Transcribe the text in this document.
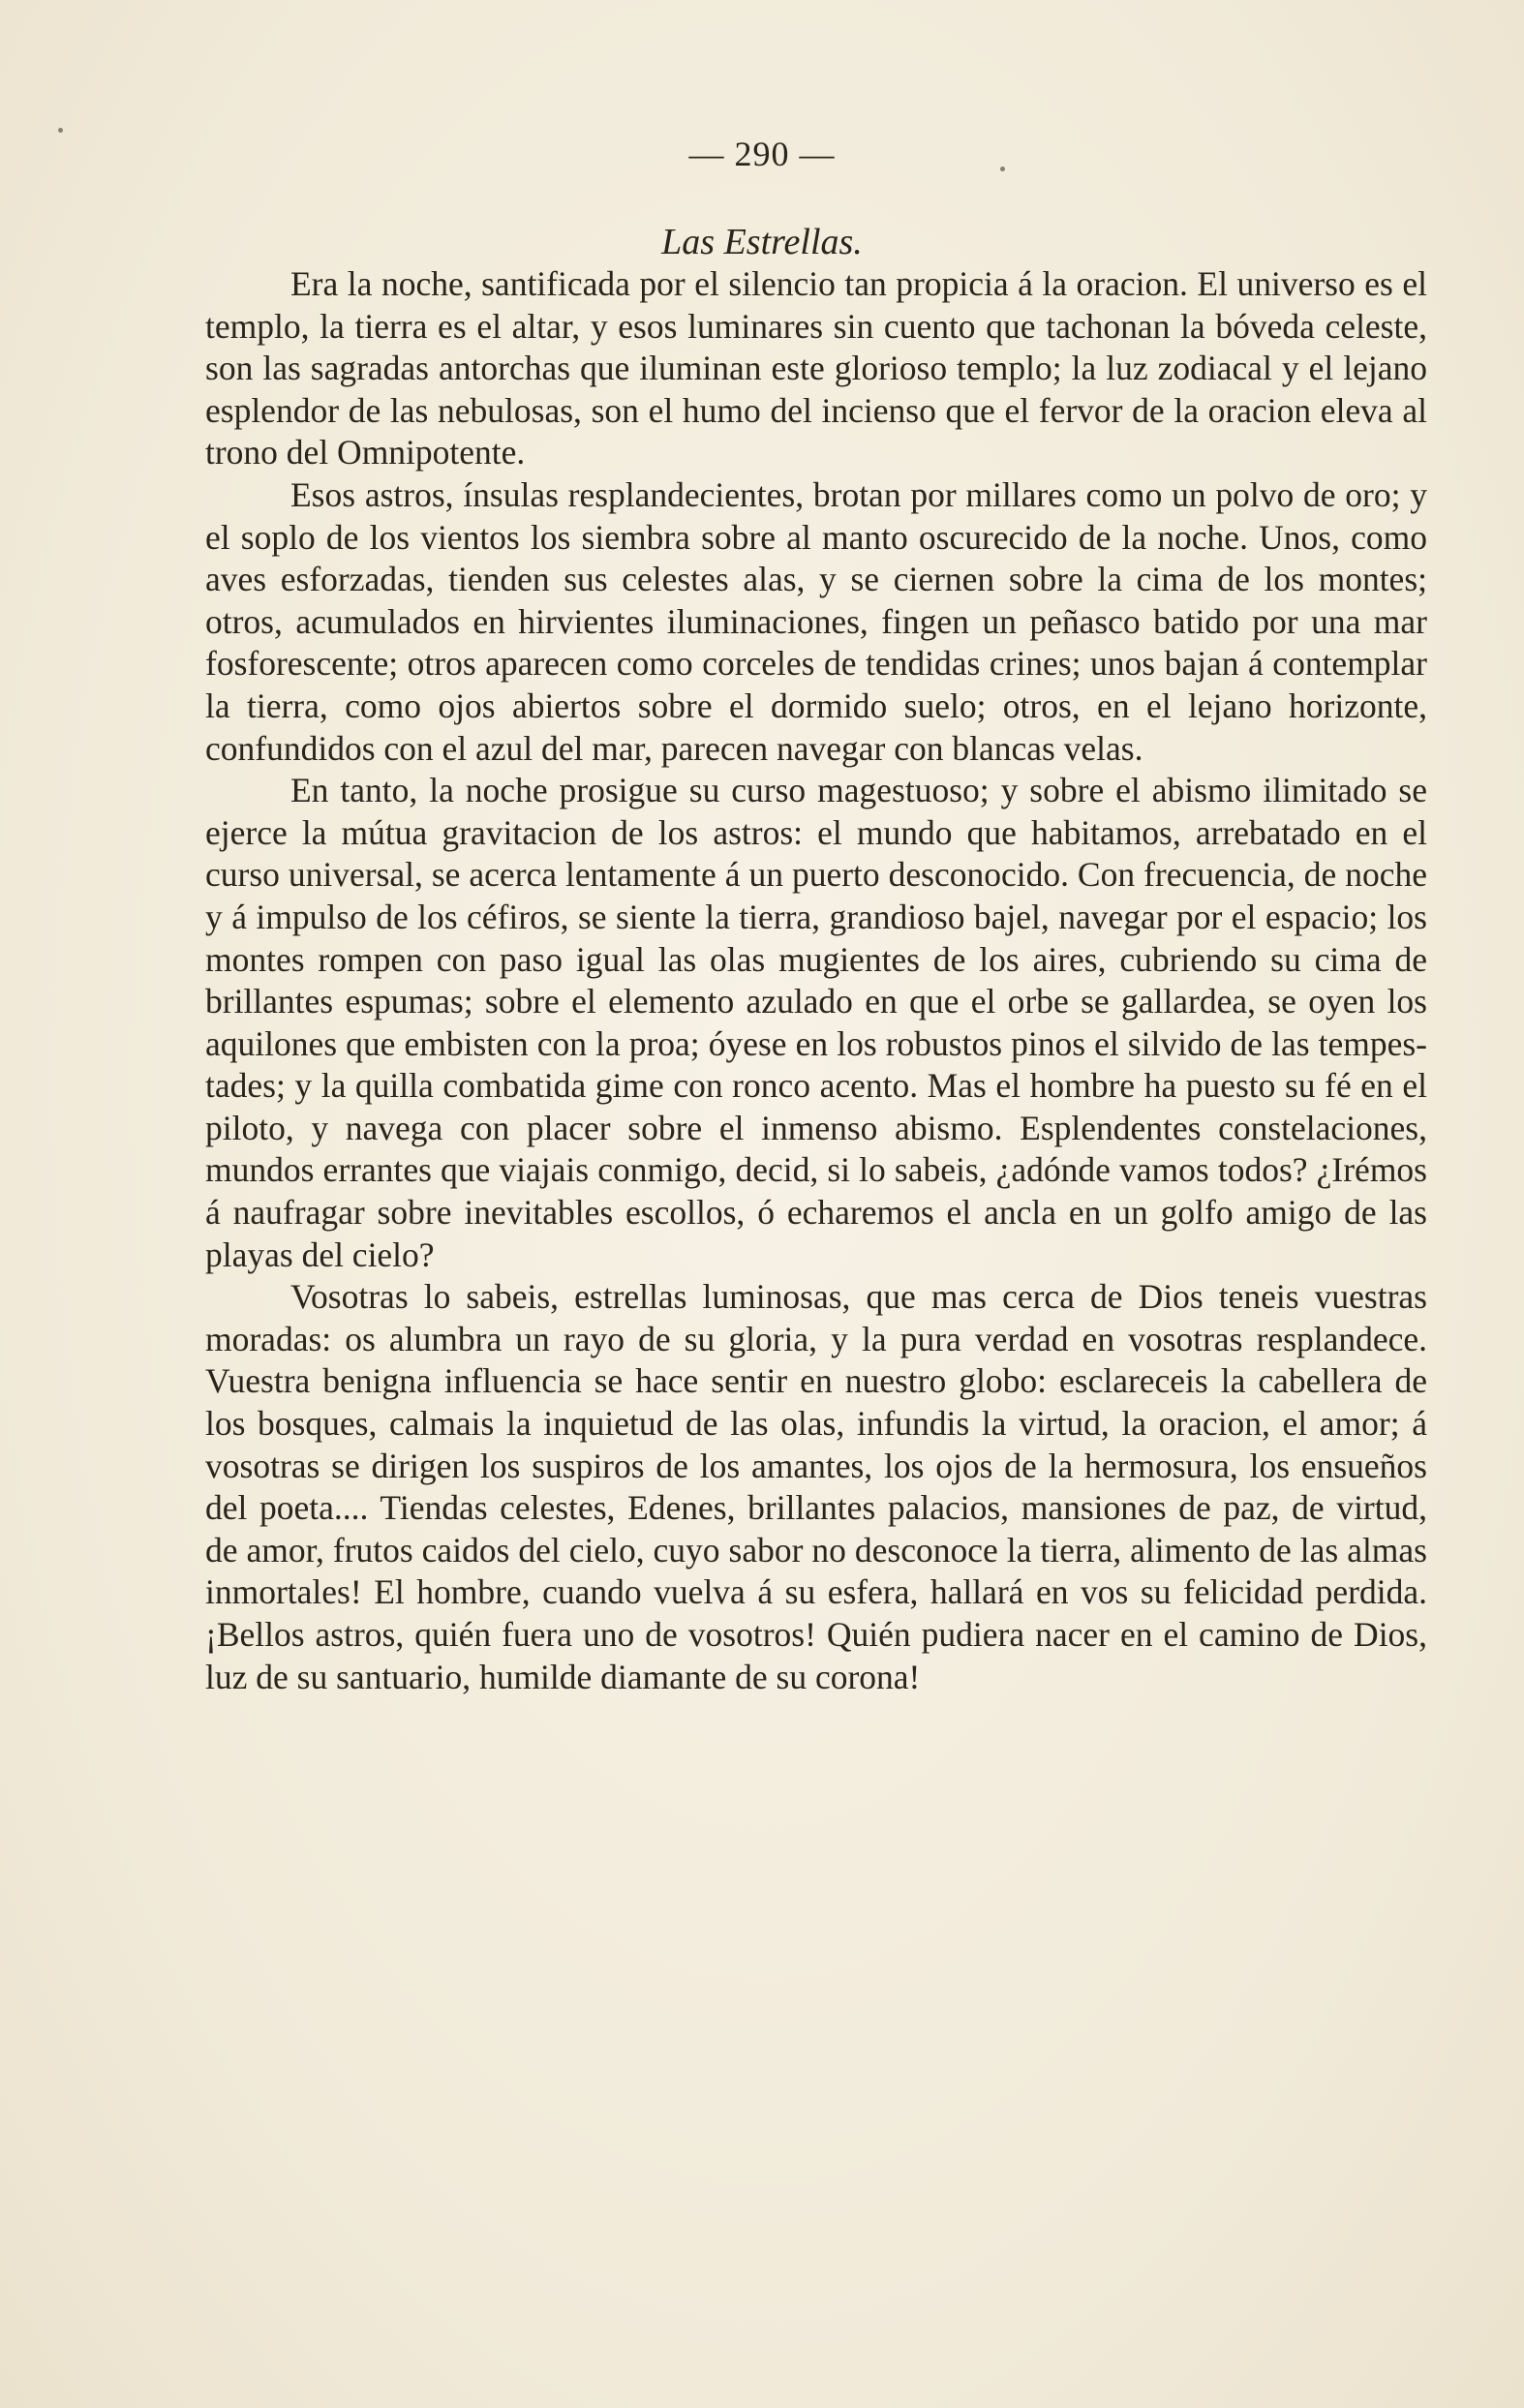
— 290 —
Las Estrellas.

Era la noche, santificada por el silencio tan propicia á la oracion. El universo es el templo, la tierra es el altar, y esos luminares sin cuento que tachonan la bóveda celeste, son las sagradas antorchas que iluminan este glorioso templo; la luz zodiacal y el lejano esplendor de las nebulosas, son el humo del incienso que el fervor de la oracion eleva al trono del Omnipotente.

Esos astros, ínsulas resplandecientes, brotan por millares como un polvo de oro; y el soplo de los vientos los siembra sobre al manto oscurecido de la noche. Unos, como aves esforzadas, tienden sus celestes alas, y se ciernen sobre la cima de los montes; otros, acumulados en hirvientes iluminaciones, fingen un peñasco batido por una mar fosforescente; otros aparecen como corceles de tendidas crines; unos bajan á contemplar la tierra, como ojos abiertos sobre el dormido suelo; otros, en el lejano horizonte, confundidos con el azul del mar, parecen navegar con blancas velas.

En tanto, la noche prosigue su curso magestuoso; y sobre el abismo ilimitado se ejerce la mútua gravitacion de los astros: el mundo que habitamos, arrebatado en el curso universal, se acerca lentamente á un puerto desconocido. Con frecuencia, de noche y á impulso de los céfiros, se siente la tierra, grandioso bajel, navegar por el espacio; los montes rompen con paso igual las olas mugientes de los aires, cubriendo su cima de brillantes espumas; sobre el elemento azulado en que el orbe se gallardea, se oyen los aquilones que embisten con la proa; óyese en los robustos pinos el silvido de las tempestades; y la quilla combatida gime con ronco acento. Mas el hombre ha puesto su fé en el piloto, y navega con placer sobre el inmenso abismo. Esplendentes constelaciones, mundos errantes que viajais conmigo, decid, si lo sabeis, ¿adónde vamos todos? ¿Irémos á naufragar sobre inevitables escollos, ó echaremos el ancla en un golfo amigo de las playas del cielo?

Vosotras lo sabeis, estrellas luminosas, que mas cerca de Dios teneis vuestras moradas: os alumbra un rayo de su gloria, y la pura verdad en vosotras resplandece. Vuestra benigna influencia se hace sentir en nuestro globo: esclareceis la cabellera de los bosques, calmais la inquietud de las olas, infundis la virtud, la oracion, el amor; á vosotras se dirigen los suspiros de los amantes, los ojos de la hermosura, los ensueños del poeta.... Tiendas celestes, Edenes, brillantes palacios, mansiones de paz, de virtud, de amor, frutos caidos del cielo, cuyo sabor no desconoce la tierra, alimento de las almas inmortales! El hombre, cuando vuelva á su esfera, hallará en vos su felicidad perdida. ¡Bellos astros, quién fuera uno de vosotros! Quién pudiera nacer en el camino de Dios, luz de su santuario, humilde diamante de su corona!
